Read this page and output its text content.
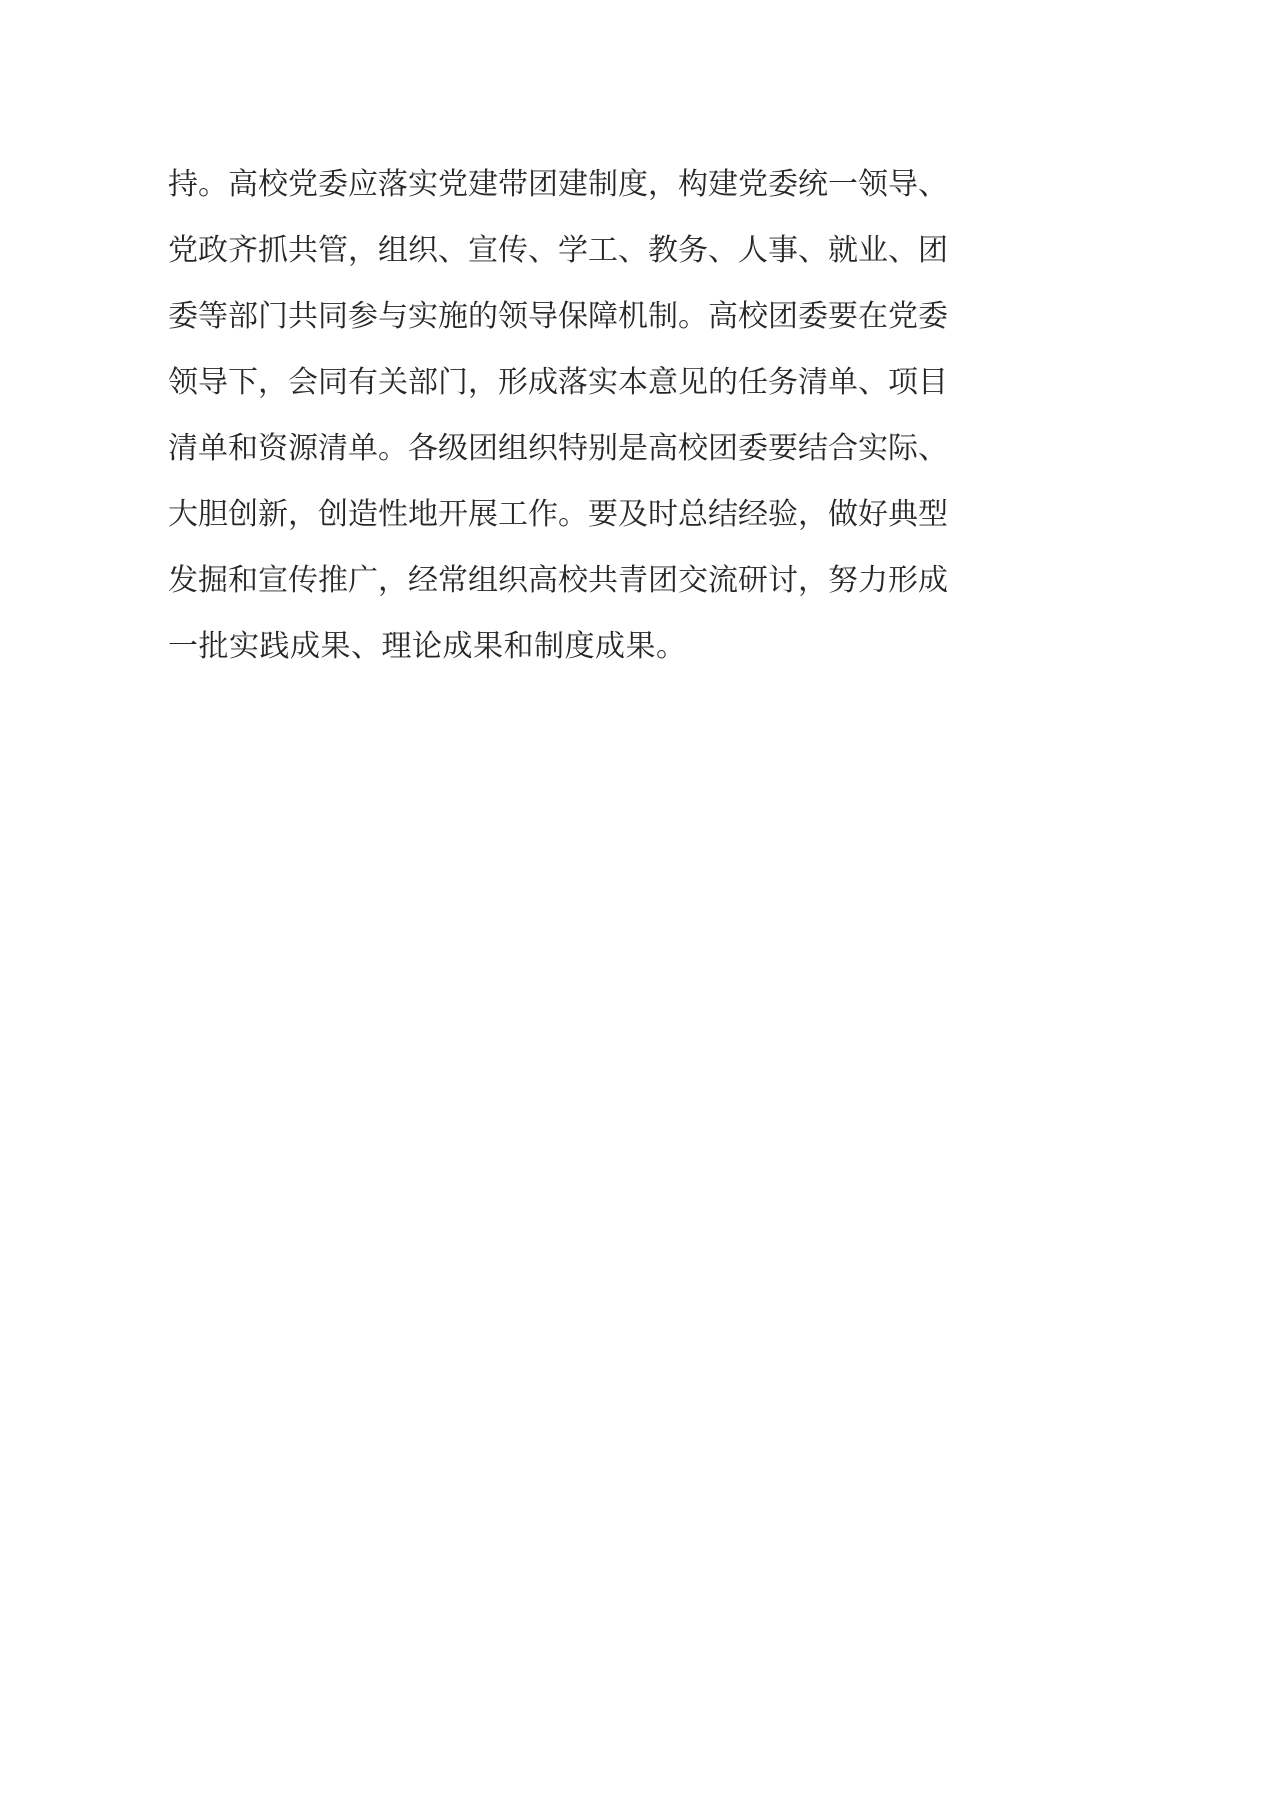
持。高校党委应落实党建带团建制度，构建党委统一领导、
党政齐抓共管，组织、宣传、学工、教务、人事、就业、团
委等部门共同参与实施的领导保障机制。高校团委要在党委
领导下，会同有关部门，形成落实本意见的任务清单、项目
清单和资源清单。各级团组织特别是高校团委要结合实际、
大胆创新，创造性地开展工作。要及时总结经验，做好典型
发掘和宣传推广，经常组织高校共青团交流研讨，努力形成
一批实践成果、理论成果和制度成果。
